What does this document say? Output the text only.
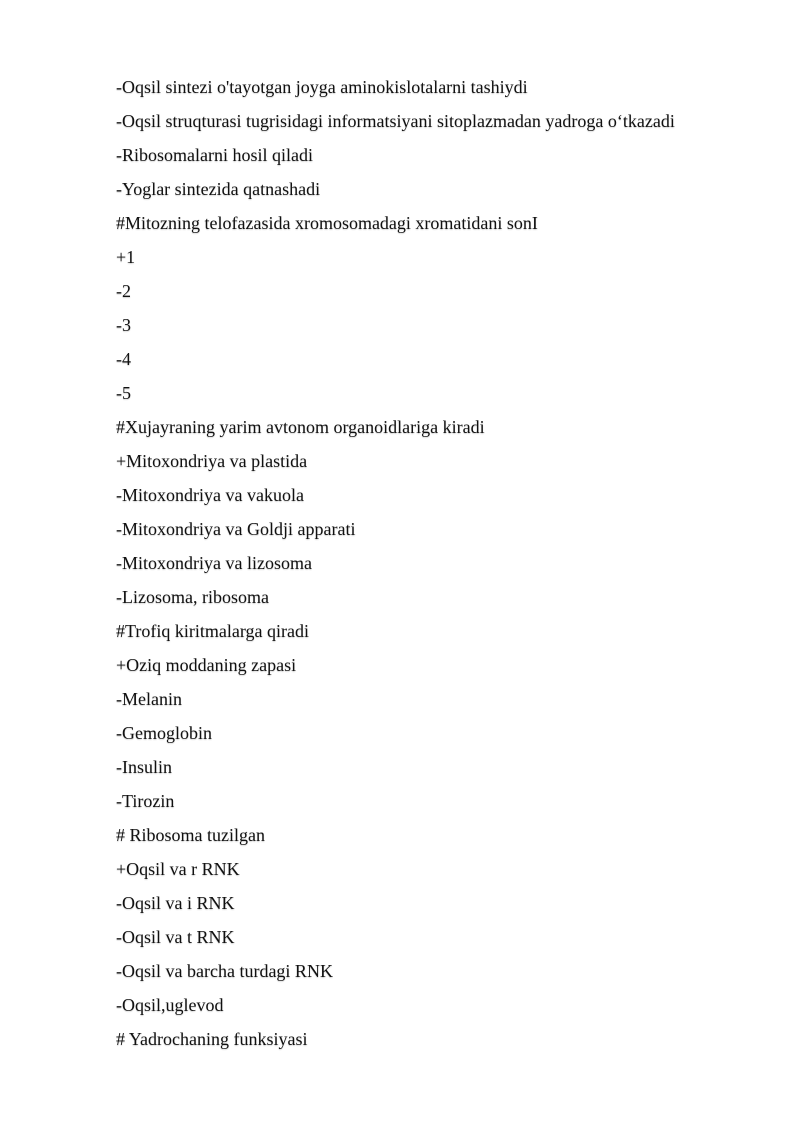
-Oqsil sintezi o'tayotgan joyga aminokislotalarni tashiydi
-Oqsil struqturasi tugrisidagi informatsiyani sitoplazmadan yadroga oʻtkazadi
-Ribosomalarni hosil qiladi
-Yoglar sintezida qatnashadi
#Mitozning telofazasida xromosomadagi xromatidani sonI
+1
-2
-3
-4
-5
#Xujayraning yarim avtonom organoidlariga kiradi
+Mitoxondriya va plastida
-Mitoxondriya va vakuola
-Mitoxondriya va Goldji apparati
-Mitoxondriya va lizosoma
-Lizosoma, ribosoma
#Trofiq kiritmalarga qiradi
+Oziq moddaning zapasi
-Melanin
-Gemoglobin
-Insulin
-Tirozin
# Ribosoma tuzilgan
+Oqsil va r RNK
-Oqsil va i RNK
-Oqsil va t RNK
-Oqsil va barcha turdagi RNK
-Oqsil,uglevod
# Yadrochaning funksiyasi
